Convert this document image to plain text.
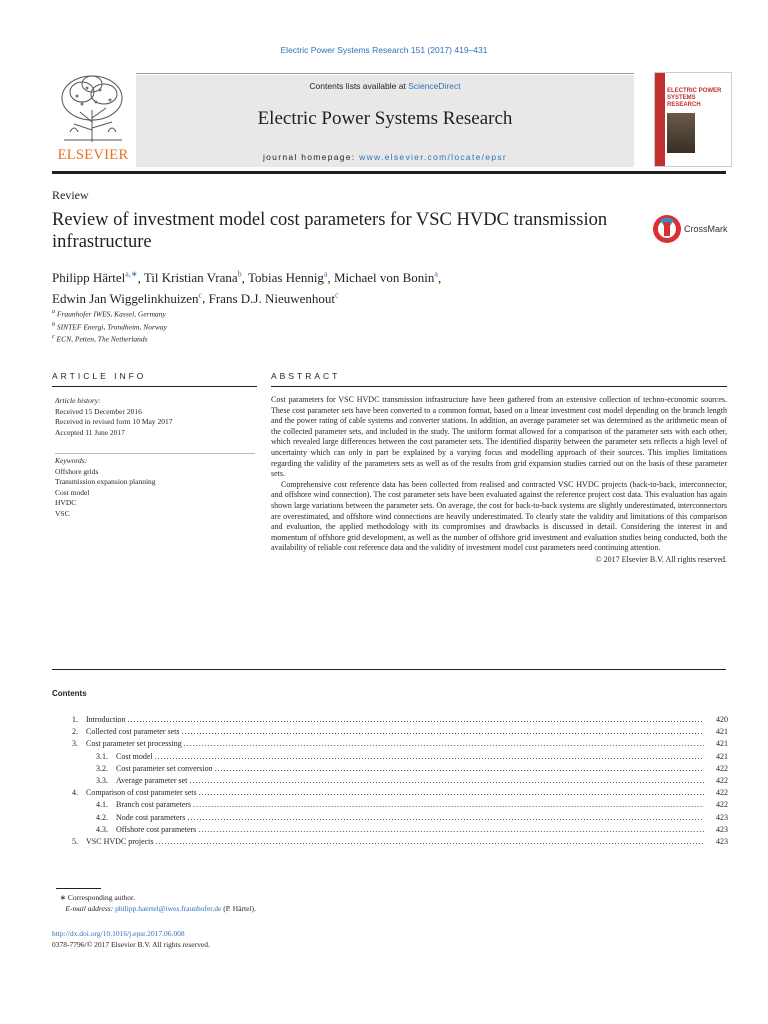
Electric Power Systems Research 151 (2017) 419–431
ELSEVIER
Contents lists available at ScienceDirect
Electric Power Systems Research
journal homepage: www.elsevier.com/locate/epsr
ELECTRIC POWER SYSTEMS RESEARCH
Review
Review of investment model cost parameters for VSC HVDC transmission infrastructure
CrossMark
Philipp Härtel$^{a,∗}$, Til Kristian Vrana$^b$, Tobias Hennig$^a$, Michael von Bonin$^a$,
Edwin Jan Wiggelinkhuizen$^c$, Frans D.J. Nieuwenhout$^c$
$^a$ Fraunhofer IWES, Kassel, Germany
$^b$ SINTEF Energi, Trondheim, Norway
$^c$ ECN, Petten, The Netherlands
ARTICLE INFO
Article history:
Received 15 December 2016
Received in revised form 10 May 2017
Accepted 11 June 2017
Keywords:
Offshore grids
Transmission expansion planning
Cost model
HVDC
VSC
ABSTRACT

Cost parameters for VSC HVDC transmission infrastructure have been gathered from an extensive collection of techno-economic sources. These cost parameter sets have been converted to a common format, based on a linear investment cost model depending on the branch length and the power rating of cable systems and converter stations. In addition, an average parameter set was determined as the arithmetic mean of the collected parameter sets, and included in the study. The uniform format allowed for a comparison of the parameter sets with each other, which revealed large differences between the cost parameter sets. The identified disparity between the parameter sets reflects a high level of uncertainty which can only in part be explained by a varying focus and modelling approach of their sources. This implies limitations regarding the validity of the parameters sets as well as of the results from grid expansion studies carried out on the basis of these parameter sets.

Comprehensive cost reference data has been collected from realised and contracted VSC HVDC projects (back-to-back, interconnector, and offshore wind connection). The cost parameter sets have been evaluated against the reference project cost data. This evaluation has again shown large variations between the parameter sets. On average, the cost for back-to-back systems are slightly underestimated, interconnectors are overestimated, and offshore wind connections are heavily underestimated. To clearly state the validity and limitations of this comparison and evaluation, the applied methodology with its compromises and drawbacks is discussed in detail. Considering the interest in and momentum of offshore grid development, as well as the number of offshore grid investment and evaluation studies being conducted, both the availability of reliable cost reference data and the validity of investment model cost parameters need continuing attention.

© 2017 Elsevier B.V. All rights reserved.

Contents
1.	Introduction .....	420
2.	Collected cost parameter sets .....	421
3.	Cost parameter set processing .....	421
3.1.	Cost model .....	421
3.2.	Cost parameter set conversion .....	422
3.3.	Average parameter set .....	422
4.	Comparison of cost parameter sets .....	422
4.1.	Branch cost parameters .....	422
4.2.	Node cost parameters .....	423
4.3.	Offshore cost parameters .....	423
5.	VSC HVDC projects .....	423
∗ Corresponding author.
E-mail address: philipp.haertel@iwes.fraunhofer.de (P. Härtel).
http://dx.doi.org/10.1016/j.epsr.2017.06.008
0378-7796/© 2017 Elsevier B.V. All rights reserved.
